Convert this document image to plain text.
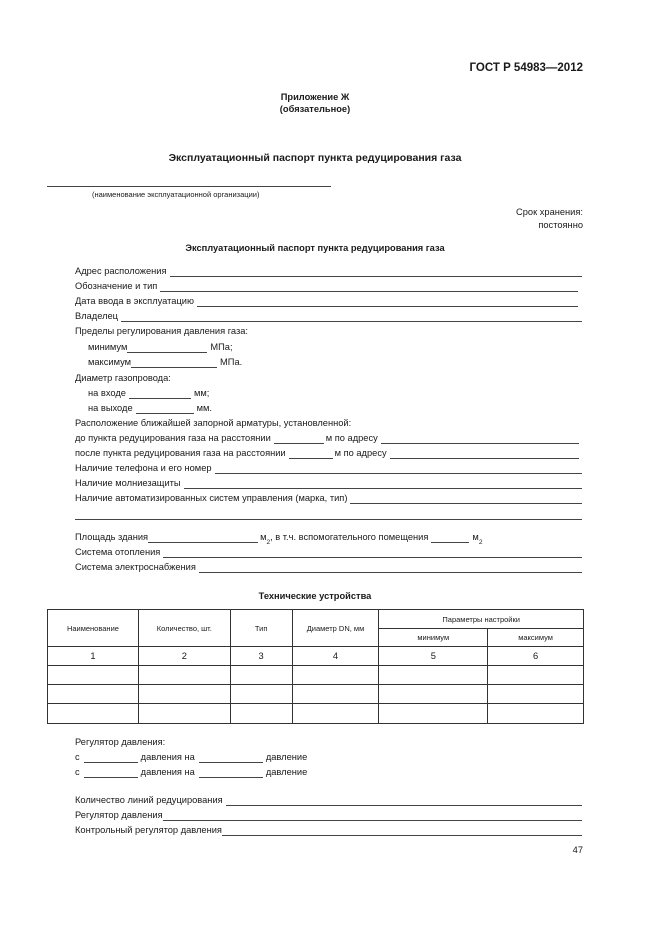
ГОСТ Р 54983—2012
Приложение Ж
(обязательное)
Эксплуатационный паспорт пункта редуцирования газа
(наименование эксплуатационной организации)
Срок хранения:
постоянно
Эксплуатационный паспорт пункта редуцирования газа
Адрес расположения
Обозначение и тип
Дата ввода в эксплуатацию
Владелец
Пределы регулирования давления газа:
минимум	МПа;
максимум	МПа.
Диаметр газопровода:
на входе	мм;
на выходе	мм.
Расположение ближайшей запорной арматуры, установленной:
до пункта редуцирования газа на расстоянии	м по адресу
после пункта редуцирования газа на расстоянии	м по адресу
Наличие телефона и его номер
Наличие молниезащиты
Наличие автоматизированных систем управления (марка, тип)
Площадь здания	м
2
, в т.ч. вспомогательного помещения	м
2
Система отопления
Система электроснабжения
Технические устройства
Наименование	Количество, шт.	Тип	Диаметр DN, мм	Параметры настройки	
				минимум	максимум
1	2	3	4	5	6

Регулятор давления:
с	давления на	давление
с	давления на	давление
Количество линий редуцирования
Регулятор давления
Контрольный регулятор давления
47
